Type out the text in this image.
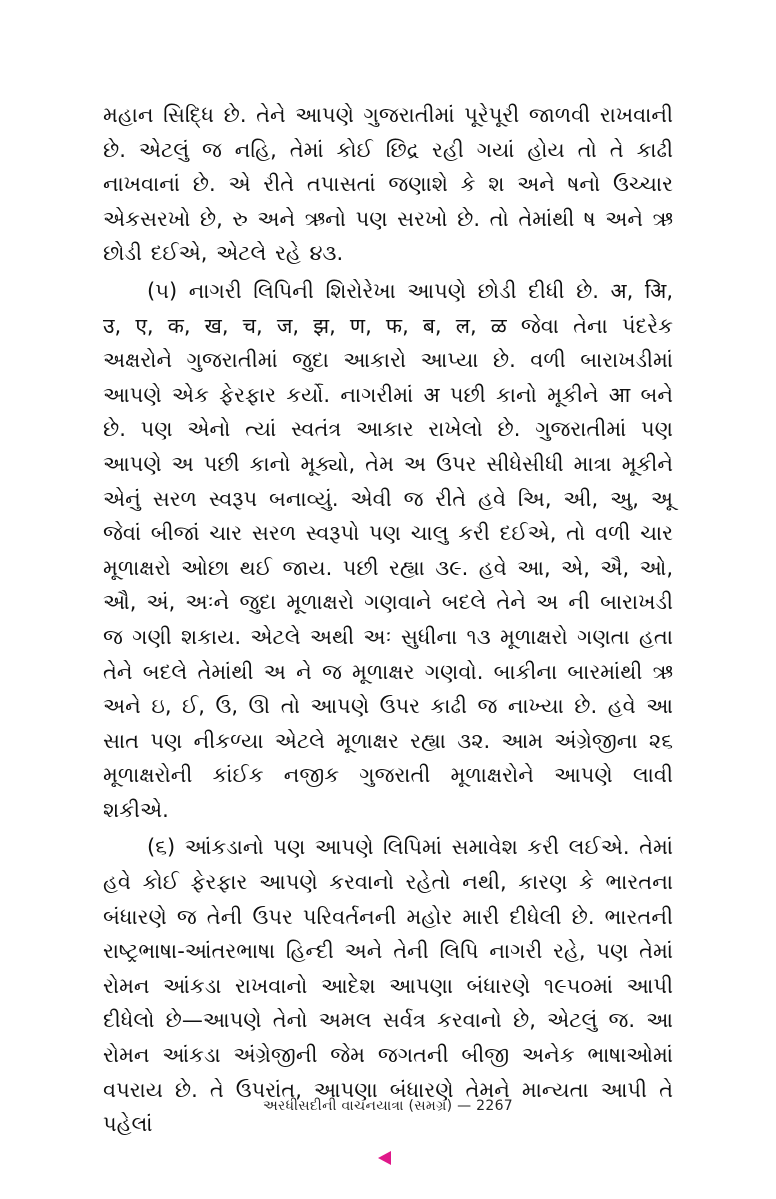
મહાન સિદ્ધિ છે. તેને આપણે ગુજરાતીમાં પૂરેપૂરી જાળવી રાખવાની છે. એટલું જ નહિ, તેમાં કોઈ છિદ્ર રહી ગયાં હોય તો તે કાઢી નાખવાનાં છે. એ રીતે તપાસતાં જણાશે કે શ અને ષનો ઉચ્ચાર એકસરખો છે, રુ અને ઋનો પણ સરખો છે. તો તેમાંથી ષ અને ઋ છોડી દઈએ, એટલે રહે ૪૩.

(૫) નાગરી લિપિની શિરોરેખા આપણે છોડી દીધી છે. अ, अि, उ, ए, क, ख, च, ज, झ, ण, फ, ब, ल, ळ જેવા તેના પંદરેક અક્ષરોને ગુજરાતીમાં જુદા આકારો આપ્યા છે. વળી બારાખડીમાં આપણે એક ફેરફાર કર્યો. નાગરીમાં अ પછી કાનો મૂકીને आ બને છે. પણ એનો ત્યાં સ્વતંત્ર આકાર રાખેલો છે. ગુજરાતીમાં પણ આપણે અ પછી કાનો મૂક્યો, તેમ અ ઉપર સીધેસીધી માત્રા મૂકીને એનું સરળ સ્વરૂપ બનાવ્યું. એવી જ રીતે હવે અિ, અી, અુ, અૂ જેવાં બીજાં ચાર સરળ સ્વરૂપો પણ ચાલુ કરી દઈએ, તો વળી ચાર મૂળાક્ષરો ઓછા થઈ જાય. પછી રહ્યા ૩૯. હવે આ, એ, ઐ, ઓ, ઔ, અં, અઃને જુદા મૂળાક્ષરો ગણવાને બદલે તેને અ ની બારાખડી જ ગણી શકાય. એટલે અથી અઃ સુધીના ૧૩ મૂળાક્ષરો ગણતા હતા તેને બદલે તેમાંથી અ ને જ મૂળાક્ષર ગણવો. બાકીના બારમાંથી ઋ અને ઇ, ઈ, ઉ, ઊ તો આપણે ઉપર કાઢી જ નાખ્યા છે. હવે આ સાત પણ નીકળ્યા એટલે મૂળાક્ષર રહ્યા ૩૨. આમ અંગ્રેજીના ૨૬ મૂળાક્ષરોની કાંઈક નજીક ગુજરાતી મૂળાક્ષરોને આપણે લાવી શકીએ.

(૬) આંકડાનો પણ આપણે લિપિમાં સમાવેશ કરી લઈએ. તેમાં હવે કોઈ ફેરફાર આપણે કરવાનો રહેતો નથી, કારણ કે ભારતના બંધારણે જ તેની ઉપર પરિવર્તનની મહોર મારી દીધેલી છે. ભારતની રાષ્ટ્રભાષા-આંતરભાષા હિન્દી અને તેની લિપિ નાગરી રહે, પણ તેમાં રોમન આંકડા રાખવાનો આદેશ આપણા બંધારણે ૧૯૫૦માં આપી દીધેલો છે—આપણે તેનો અમલ સર્વત્ર કરવાનો છે, એટલું જ. આ રોમન આંકડા અંગ્રેજીની જેમ જગતની બીજી અનેક ભાષાઓમાં વપરાય છે. તે ઉપરાંત, આપણા બંધારણે તેમને માન્યતા આપી તે પહેલાં

અરધીસદીની વાચનયાત્રા (સમગ્ર) — 2267
